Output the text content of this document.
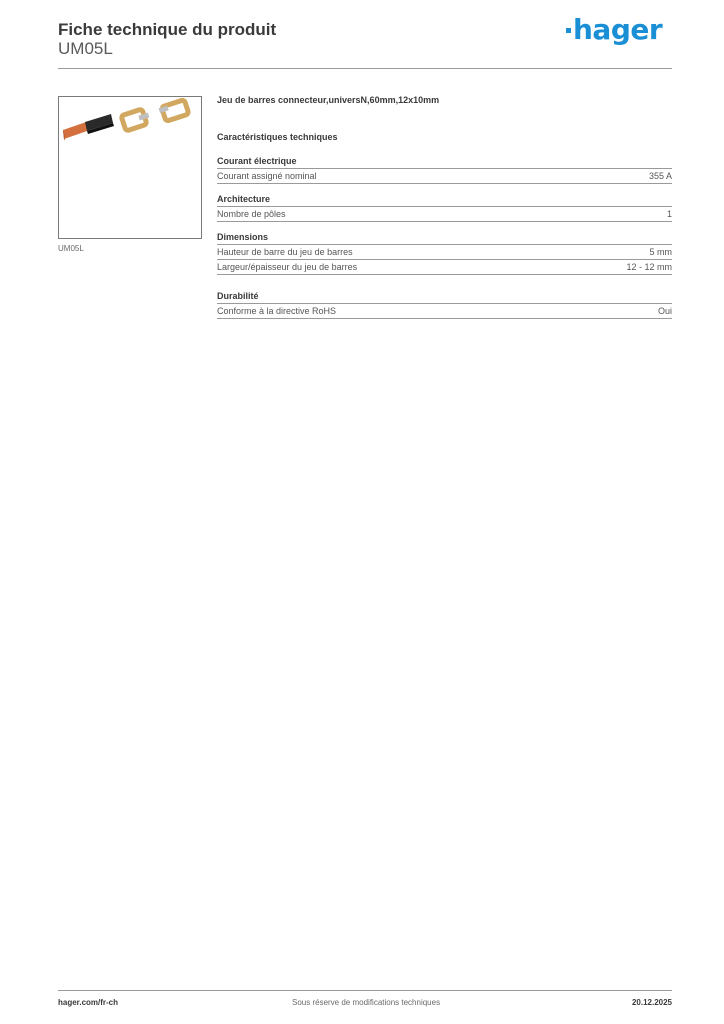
Fiche technique du produit
UM05L
hager
UM05L
Jeu de barres connecteur,universN,60mm,12x10mm
Caractéristiques techniques
Courant électrique
Courant assigné nominal	355 A
Architecture
Nombre de pôles	1
Dimensions
Hauteur de barre du jeu de barres	5 mm
Largeur/épaisseur du jeu de barres	12 - 12 mm
Durabilité
Conforme à la directive RoHS	Oui
hager.com/fr-ch	Sous réserve de modifications techniques	20.12.2025
